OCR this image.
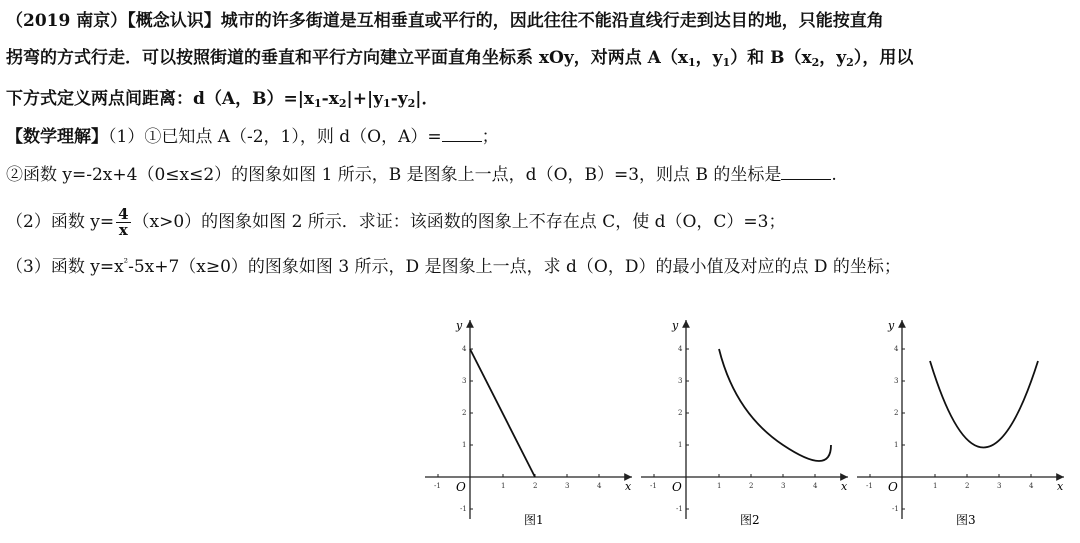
（2019 南京）【概念认识】城市的许多街道是互相垂直或平行的，因此往往不能沿直线行走到达目的地，只能按直角
拐弯的方式行走．可以按照街道的垂直和平行方向建立平面直角坐标系 xOy，对两点 $A(x_1$，$y_1$）和 $B(x_2$，$y_2$），用以
下方式定义两点间距离：d（A，$B)=|x_1-x_2|+|y_1-y_2|$．
【数学理解】（1）①已知点 A（-2，1），则 d（O，A）= ；
②函数 y=-2x+4（0≤x≤2）的图象如图 1 所示，B 是图象上一点，d（O，B）=3，则点 B 的坐标是	.
（2）函数 $y= \frac{4}{x} (x>0)$的图象如图 2 所示．求证：该函数的图象上不存在点 C，使 d（O，C）=3；
（3）函数 $y=x^{^2}-5x+7(x\ge 0)$的图象如图 3 所示，D 是图象上一点，求 d（O，D）的最小值及对应的点 D 的坐标；
-1	1	2	3	4
4
3
2
1
-1
O	x
y
图1
-1	1	2	3	4
4
3
2
1
-1
O	x
y
图2
-1	1	2	3	4
4
3
2
1
-1
O	x
y
图3
